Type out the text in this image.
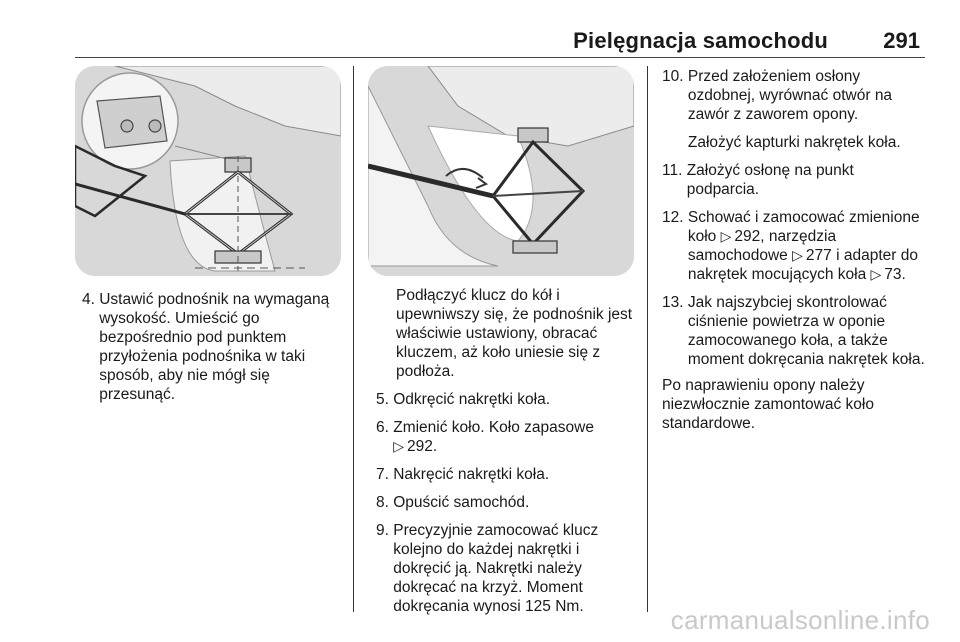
Pielęgnacja samochodu	291
4. Ustawić podnośnik na wymaganą wysokość. Umieścić go bezpośrednio pod punktem przyłożenia podnośnika w taki sposób, aby nie mógł się przesunąć.
Podłączyć klucz do kół i upewniwszy się, że podnośnik jest właściwie ustawiony, obracać kluczem, aż koło uniesie się z podłoża.
5. Odkręcić nakrętki koła.
6. Zmienić koło. Koło zapasowe
▷ 292.
7. Nakręcić nakrętki koła.
8. Opuścić samochód.
9. Precyzyjnie zamocować klucz kolejno do każdej nakrętki i dokręcić ją. Nakrętki należy dokręcać na krzyż. Moment dokręcania wynosi 125 Nm.
10. Przed założeniem osłony ozdobnej, wyrównać otwór na zawór z zaworem opony.
Założyć kapturki nakrętek koła.
11. Założyć osłonę na punkt podparcia.
12. Schować i zamocować zmienione koło ▷ 292, narzędzia samochodowe ▷ 277 i adapter do nakrętek mocujących koła ▷ 73.
13. Jak najszybciej skontrolować ciśnienie powietrza w oponie zamocowanego koła, a także moment dokręcania nakrętek koła.
Po naprawieniu opony należy niezwłocznie zamontować koło standardowe.
carmanualsonline.info
